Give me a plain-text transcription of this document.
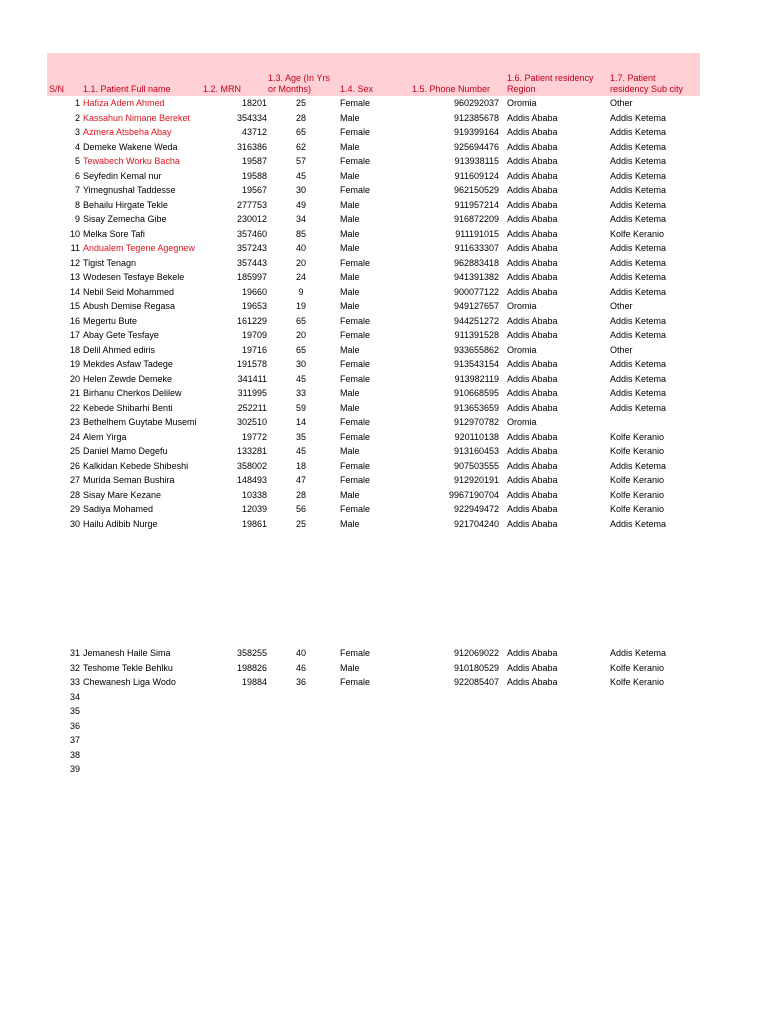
S/N 1.1. Patient Full name	1.2. MRN
1.3. Age (In Yrs
or Months)	1.4. Sex	1.5. Phone Number
1.6. Patient residency
Region
1.7. Patient
residency Sub city
1 Hafiza Adem Ahmed	18201	25	Female	960292037 Oromia	Other
2 Kassahun Nimane Bereket	354334	28	Male	912385678 Addis Ababa	Addis Ketema
3 Azmera Atsbeha Abay	43712	65	Female	919399164 Addis Ababa	Addis Ketema
4 Demeke Wakene Weda	316386	62	Male	925694476 Addis Ababa	Addis Ketema
5 Tewabech Worku Bacha	19587	57	Female	913938115 Addis Ababa	Addis Ketema
6 Seyfedin Kemal nur	19588	45	Male	911609124 Addis Ababa	Addis Ketema
7 Yimegnushal Taddesse	19567	30	Female	962150529 Addis Ababa	Addis Ketema
8 Behailu Hirgate Tekle	277753	49	Male	911957214 Addis Ababa	Addis Ketema
9 Sisay Zemecha Gibe	230012	34	Male	916872209 Addis Ababa	Addis Ketema
10 Melka Sore Tafi	357460	85	Male	911191015 Addis Ababa	Kolfe Keranio
11 Andualem Tegene Agegnew	357243	40	Male	911633307 Addis Ababa	Addis Ketema
12 Tigist Tenagn	357443	20	Female	962883418 Addis Ababa	Addis Ketema
13 Wodesen Tesfaye Bekele	185997	24	Male	941391382 Addis Ababa	Addis Ketema
14 Nebil Seid Mohammed	19660	9	Male	900077122 Addis Ababa	Addis Ketema
15 Abush Demise Regasa	19653	19	Male	949127657 Oromia	Other
16 Megertu Bute	161229	65	Female	944251272 Addis Ababa	Addis Ketema
17 Abay Gete Tesfaye	19709	20	Female	911391528 Addis Ababa	Addis Ketema
18 Delil Ahmed ediris	19716	65	Male	933655862 Oromia	Other
19 Mekdes Asfaw Tadege	191578	30	Female	913543154 Addis Ababa	Addis Ketema
20 Helen Zewde Demeke	341411	45	Female	913982119 Addis Ababa	Addis Ketema
21 Birhanu Cherkos Delilew	311995	33	Male	910668595 Addis Ababa	Addis Ketema
22 Kebede Shibarhi Benti	252211	59	Male	913653659 Addis Ababa	Addis Ketema
23 Bethelhem Guytabe Musemi	302510	14	Female	912970782 Oromia
24 Alem Yirga	19772	35	Female	920110138 Addis Ababa	Kolfe Keranio
25 Daniel Mamo Degefu	133281	45	Male	913160453 Addis Ababa	Kolfe Keranio
26 Kalkidan Kebede Shibeshi	358002	18	Female	907503555 Addis Ababa	Addis Ketema
27 Murida Seman Bushira	148493	47	Female	912920191 Addis Ababa	Kolfe Keranio
28 Sisay Mare Kezane	10338	28	Male	9967190704 Addis Ababa	Kolfe Keranio
29 Sadiya Mohamed	12039	56	Female	922949472 Addis Ababa	Kolfe Keranio
30 Hailu Adibib Nurge	19861	25	Male	921704240 Addis Ababa	Addis Ketema
31 Jemanesh Haile Sima	358255	40	Female	912069022 Addis Ababa	Addis Ketema
32 Teshome Tekle Behlku	198826	46	Male	910180529 Addis Ababa	Kolfe Keranio
33 Chewanesh Liga Wodo	19884	36	Female	922085407 Addis Ababa	Kolfe Keranio
34
35
36
37
38
39
